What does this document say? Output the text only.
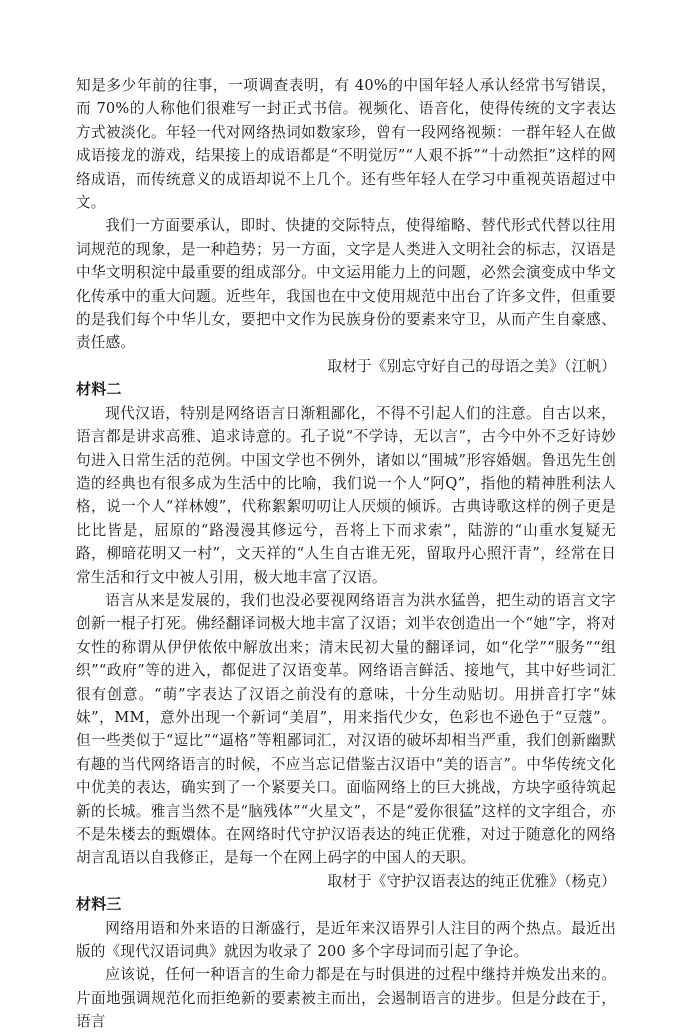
知是多少年前的往事，一项调查表明，有 40%的中国年轻人承认经常书写错误，而 70%的人称他们很难写一封正式书信。视频化、语音化，使得传统的文字表达方式被淡化。年轻一代对网络热词如数家珍，曾有一段网络视频：一群年轻人在做成语接龙的游戏，结果接上的成语都是“不明觉厉”“人艰不拆”“十动然拒”这样的网络成语，而传统意义的成语却说不上几个。还有些年轻人在学习中重视英语超过中文。

我们一方面要承认，即时、快捷的交际特点，使得缩略、替代形式代替以往用词规范的现象，是一种趋势；另一方面，文字是人类进入文明社会的标志，汉语是中华文明积淀中最重要的组成部分。中文运用能力上的问题，必然会演变成中华文化传承中的重大问题。近些年，我国也在中文使用规范中出台了许多文件，但重要的是我们每个中华儿女，要把中文作为民族身份的要素来守卫，从而产生自豪感、责任感。

取材于《别忘守好自己的母语之美》（江帆）

材料二

现代汉语，特别是网络语言日渐粗鄙化，不得不引起人们的注意。自古以来，语言都是讲求高雅、追求诗意的。孔子说“不学诗，无以言”，古今中外不乏好诗妙句进入日常生活的范例。中国文学也不例外，诸如以“围城”形容婚姻。鲁迅先生创造的经典也有很多成为生活中的比喻，我们说一个人“阿Q”，指他的精神胜利法人格，说一个人“祥林嫂”，代称絮絮叨叨让人厌烦的倾诉。古典诗歌这样的例子更是比比皆是，屈原的“路漫漫其修远兮，吾将上下而求索”，陆游的“山重水复疑无路，柳暗花明又一村”，文天祥的“人生自古谁无死，留取丹心照汗青”，经常在日常生活和行文中被人引用，极大地丰富了汉语。

语言从来是发展的，我们也没必要视网络语言为洪水猛兽，把生动的语言文字创新一棍子打死。佛经翻译词极大地丰富了汉语；刘半农创造出一个“她”字，将对女性的称谓从伊伊侬侬中解放出来；清末民初大量的翻译词，如“化学”“服务”“组织”“政府”等的进入，都促进了汉语变革。网络语言鲜活、接地气，其中好些词汇很有创意。“萌”字表达了汉语之前没有的意味，十分生动贴切。用拼音打字“妹妹”，MM，意外出现一个新词“美眉”，用来指代少女，色彩也不逊色于“豆蔻”。但一些类似于“逗比”“逼格”等粗鄙词汇，对汉语的破坏却相当严重，我们创新幽默有趣的当代网络语言的时候，不应当忘记借鉴古汉语中“美的语言”。中华传统文化中优美的表达，确实到了一个紧要关口。面临网络上的巨大挑战，方块字亟待筑起新的长城。雅言当然不是“脑残体”“火星文”，不是“爱你很猛”这样的文字组合，亦不是朱楼去的甄嬛体。在网络时代守护汉语表达的纯正优雅，对过于随意化的网络胡言乱语以自我修正，是每一个在网上码字的中国人的天职。

取材于《守护汉语表达的纯正优雅》（杨克）

材料三

网络用语和外来语的日渐盛行，是近年来汉语界引人注目的两个热点。最近出版的《现代汉语词典》就因为收录了 200 多个字母词而引起了争论。

应该说，任何一种语言的生命力都是在与时俱进的过程中继持并焕发出来的。片面地强调规范化而拒绝新的要素被主而出，会遏制语言的进步。但是分歧在于，语言
